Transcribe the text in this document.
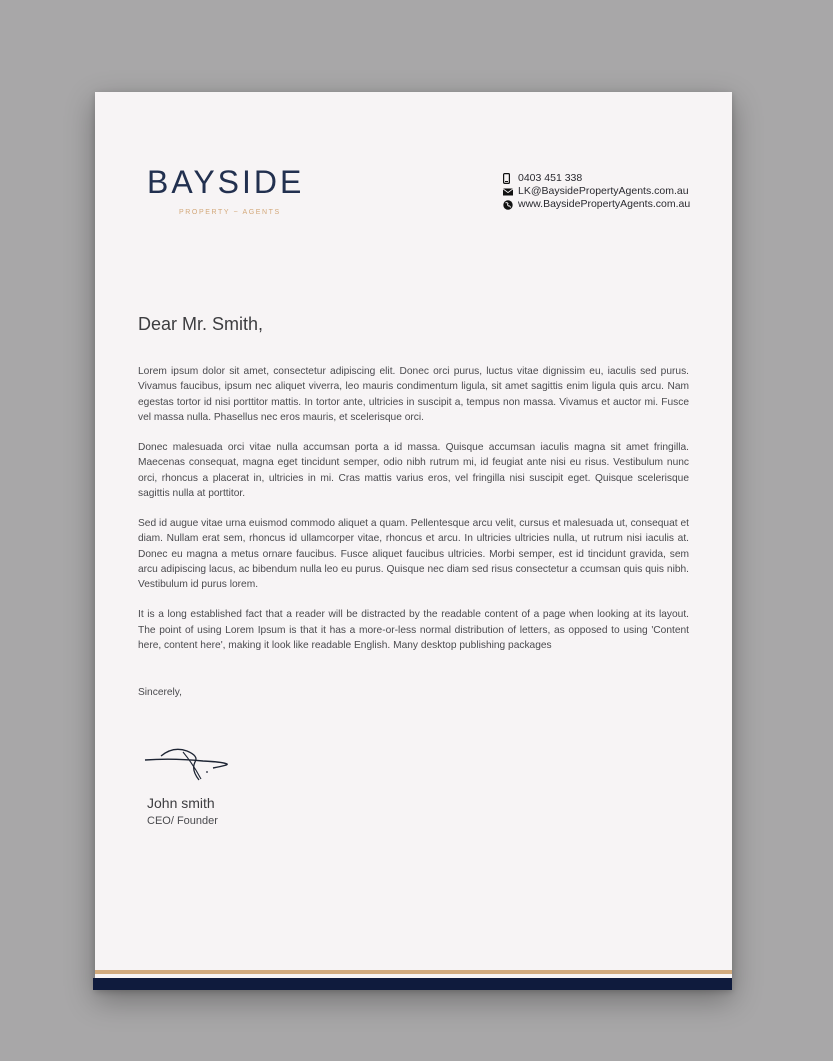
BAYSIDE
PROPERTY ~ AGENTS
0403 451 338
LK@BaysidePropertyAgents.com.au
www.BaysidePropertyAgents.com.au
Dear Mr. Smith,

Lorem ipsum dolor sit amet, consectetur adipiscing elit. Donec orci purus, luctus vitae dignissim eu, iaculis sed purus. Vivamus faucibus, ipsum nec aliquet viverra, leo mauris condimentum ligula, sit amet sagittis enim ligula quis arcu. Nam egestas tortor id nisi porttitor mattis. In tortor ante, ultricies in suscipit a, tempus non massa. Vivamus et auctor mi. Fusce vel massa nulla. Phasellus nec eros mauris, et scelerisque orci.

Donec malesuada orci vitae nulla accumsan porta a id massa. Quisque accumsan iaculis magna sit amet fringilla. Maecenas consequat, magna eget tincidunt semper, odio nibh rutrum mi, id feugiat ante nisi eu risus. Vestibulum nunc orci, rhoncus a placerat in, ultricies in mi. Cras mattis varius eros, vel fringilla nisi suscipit eget. Quisque scelerisque sagittis nulla at porttitor.

Sed id augue vitae urna euismod commodo aliquet a quam. Pellentesque arcu velit, cursus et malesuada ut, consequat et diam. Nullam erat sem, rhoncus id ullamcorper vitae, rhoncus et arcu. In ultricies ultricies nulla, ut rutrum nisi iaculis at. Donec eu magna a metus ornare faucibus. Fusce aliquet faucibus ultricies. Morbi semper, est id tincidunt gravida, sem arcu adipiscing lacus, ac bibendum nulla leo eu purus. Quisque nec diam sed risus consectetur a ccumsan quis quis nibh. Vestibulum id purus lorem.

It is a long established fact that a reader will be distracted by the readable content of a page when looking at its layout. The point of using Lorem Ipsum is that it has a more-or-less normal distribution of letters, as opposed to using 'Content here, content here', making it look like readable English. Many desktop publishing packages

Sincerely,
John smith
CEO/ Founder
